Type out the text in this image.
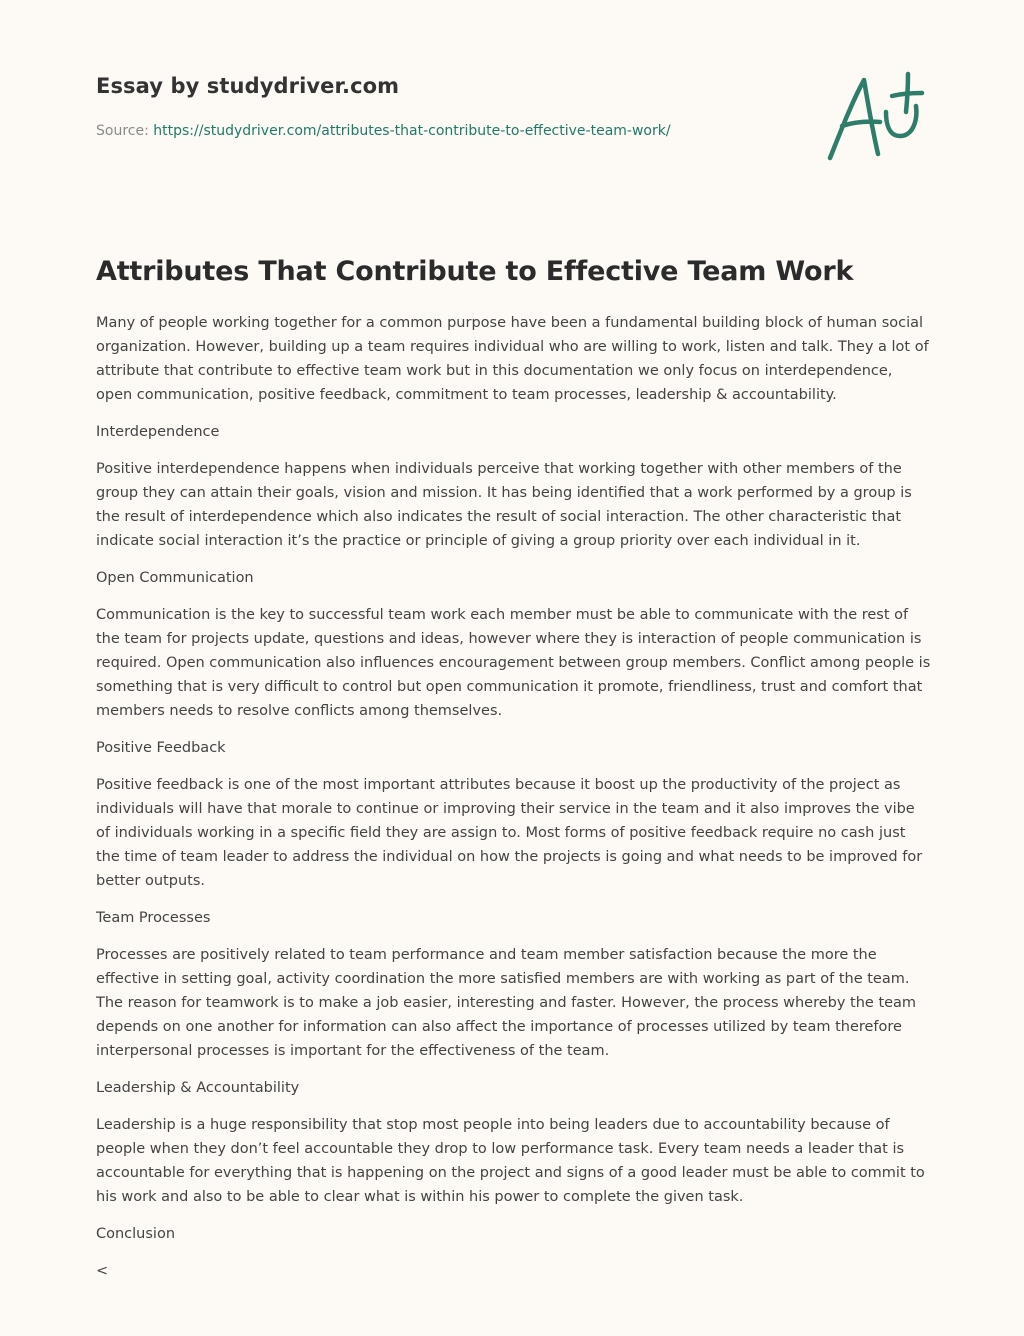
Essay by studydriver.com
Source: https://studydriver.com/attributes-that-contribute-to-effective-team-work/
Attributes That Contribute to Effective Team Work

Many of people working together for a common purpose have been a fundamental building block of human social organization. However, building up a team requires individual who are willing to work, listen and talk. They a lot of attribute that contribute to effective team work but in this documentation we only focus on interdependence, open communication, positive feedback, commitment to team processes, leadership & accountability.

Interdependence

Positive interdependence happens when individuals perceive that working together with other members of the group they can attain their goals, vision and mission. It has being identified that a work performed by a group is the result of interdependence which also indicates the result of social interaction. The other characteristic that indicate social interaction it’s the practice or principle of giving a group priority over each individual in it.

Open Communication

Communication is the key to successful team work each member must be able to communicate with the rest of the team for projects update, questions and ideas, however where they is interaction of people communication is required. Open communication also influences encouragement between group members. Conflict among people is something that is very difficult to control but open communication it promote, friendliness, trust and comfort that members needs to resolve conflicts among themselves.

Positive Feedback

Positive feedback is one of the most important attributes because it boost up the productivity of the project as individuals will have that morale to continue or improving their service in the team and it also improves the vibe of individuals working in a specific field they are assign to. Most forms of positive feedback require no cash just the time of team leader to address the individual on how the projects is going and what needs to be improved for better outputs.

Team Processes

Processes are positively related to team performance and team member satisfaction because the more the effective in setting goal, activity coordination the more satisfied members are with working as part of the team. The reason for teamwork is to make a job easier, interesting and faster. However, the process whereby the team depends on one another for information can also affect the importance of processes utilized by team therefore interpersonal processes is important for the effectiveness of the team.

Leadership & Accountability

Leadership is a huge responsibility that stop most people into being leaders due to accountability because of people when they don’t feel accountable they drop to low performance task. Every team needs a leader that is accountable for everything that is happening on the project and signs of a good leader must be able to commit to his work and also to be able to clear what is within his power to complete the given task.

Conclusion
<
